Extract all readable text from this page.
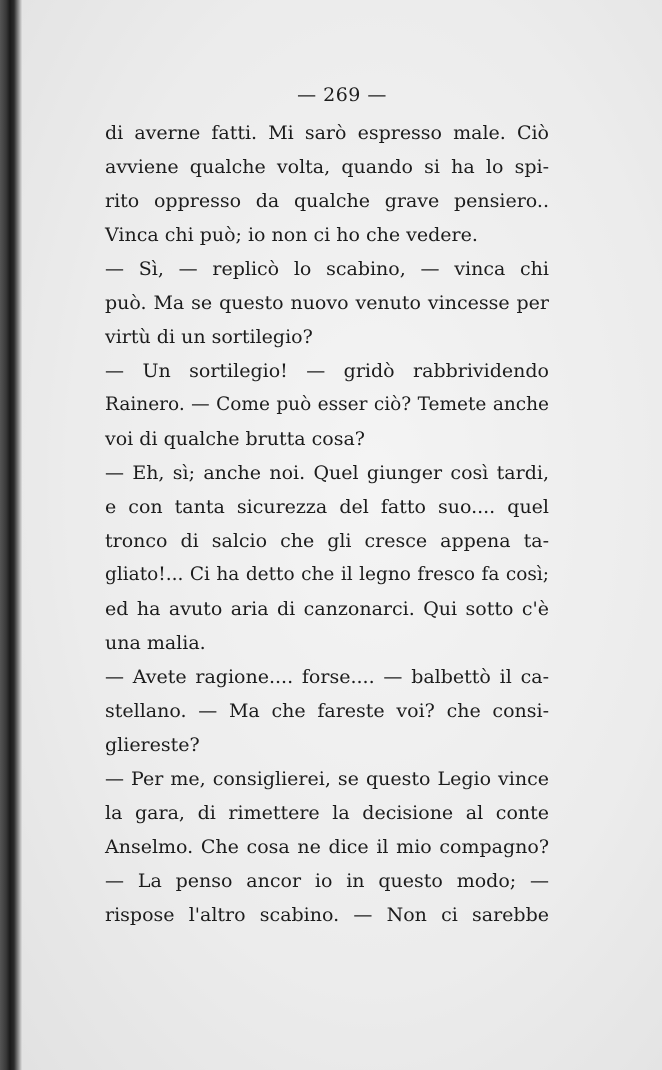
— 269 —
di averne fatti. Mi sarò espresso male. Ciò
avviene qualche volta, quando si ha lo spi-
rito oppresso da qualche grave pensiero..
Vinca chi può; io non ci ho che vedere.
— Sì, — replicò lo scabino, — vinca chi
può. Ma se questo nuovo venuto vincesse per
virtù di un sortilegio?
— Un sortilegio! — gridò rabbrividendo
Rainero. — Come può esser ciò? Temete anche
voi di qualche brutta cosa?
— Eh, sì; anche noi. Quel giunger così tardi,
e con tanta sicurezza del fatto suo.... quel
tronco di salcio che gli cresce appena ta-
gliato!... Ci ha detto che il legno fresco fa così;
ed ha avuto aria di canzonarci. Qui sotto c'è
una malia.
— Avete ragione.... forse.... — balbettò il ca-
stellano. — Ma che fareste voi? che consi-
gliereste?
— Per me, consiglierei, se questo Legio vince
la gara, di rimettere la decisione al conte
Anselmo. Che cosa ne dice il mio compagno?
— La penso ancor io in questo modo; —
rispose l'altro scabino. — Non ci sarebbe
